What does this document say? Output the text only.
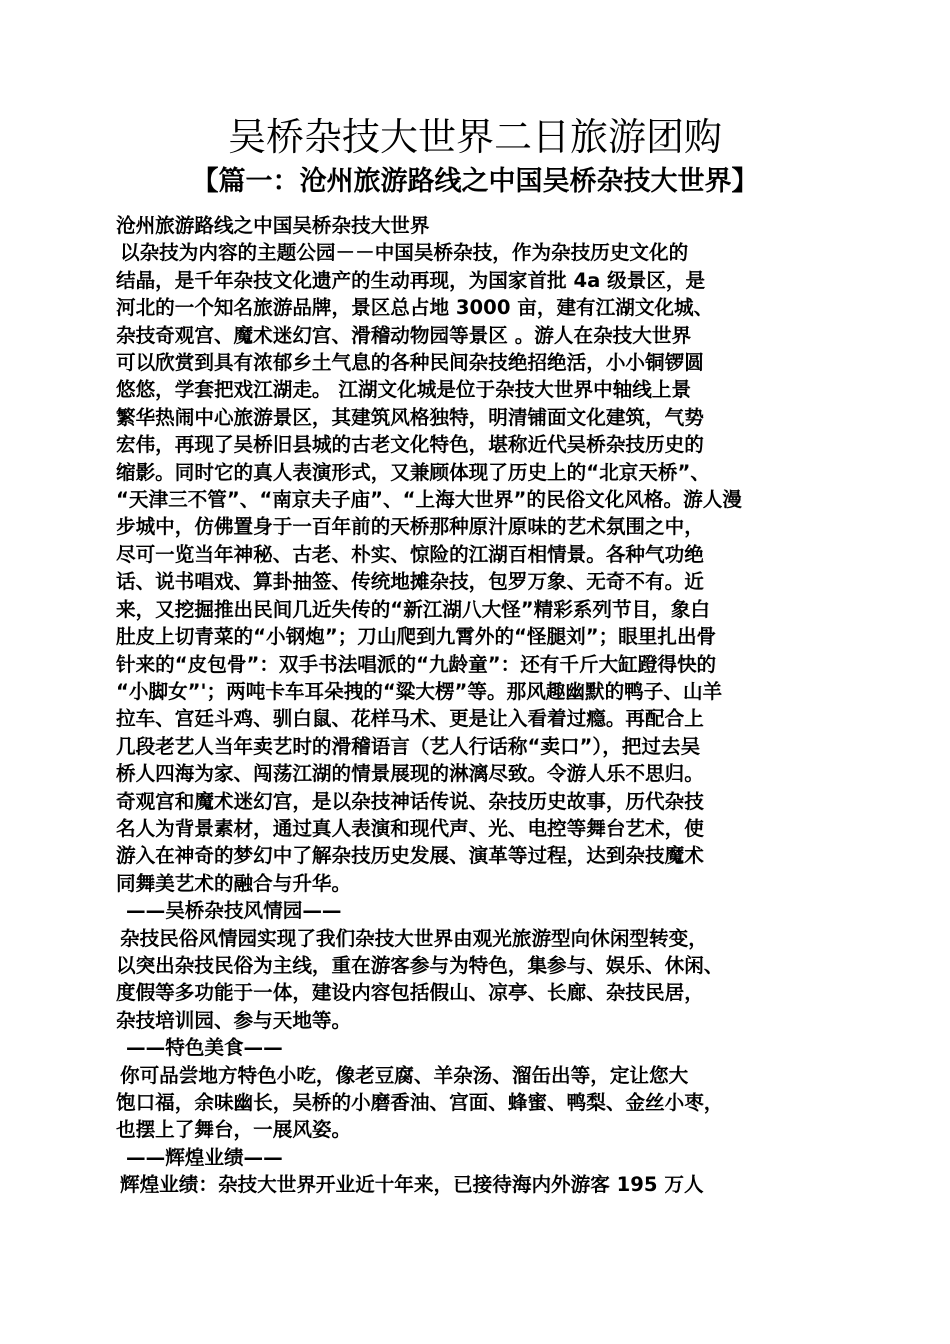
吴桥杂技大世界二日旅游团购
【篇一：沧州旅游路线之中国吴桥杂技大世界】
沧州旅游路线之中国吴桥杂技大世界
以杂技为内容的主题公园－－中国吴桥杂技，作为杂技历史文化的
结晶，是千年杂技文化遗产的生动再现，为国家首批 4a 级景区，是
河北的一个知名旅游品牌，景区总占地 3000 亩，建有江湖文化城、
杂技奇观宫、魔术迷幻宫、滑稽动物园等景区 。游人在杂技大世界
可以欣赏到具有浓郁乡土气息的各种民间杂技绝招绝活，小小铜锣圆
悠悠，学套把戏江湖走。 江湖文化城是位于杂技大世界中轴线上景
繁华热闹中心旅游景区，其建筑风格独特，明清铺面文化建筑，气势
宏伟，再现了吴桥旧县城的古老文化特色，堪称近代吴桥杂技历史的
缩影。同时它的真人表演形式，又兼顾体现了历史上的“北京天桥”、
“天津三不管”、“南京夫子庙”、“上海大世界”的民俗文化风格。游人漫
步城中，仿佛置身于一百年前的天桥那种原汁原味的艺术氛围之中，
尽可一览当年神秘、古老、朴实、惊险的江湖百相情景。各种气功绝
话、说书唱戏、算卦抽签、传统地摊杂技，包罗万象、无奇不有。近
来，又挖掘推出民间几近失传的“新江湖八大怪”精彩系列节目，象白
肚皮上切青菜的“小钢炮”；刀山爬到九霄外的“怪腿刘”；眼里扎出骨
针来的“皮包骨”：双手书法唱派的“九龄童”：还有千斤大缸蹬得快的
“小脚女”'；两吨卡车耳朵拽的“粱大楞”等。那风趣幽默的鸭子、山羊
拉车、宫廷斗鸡、驯白鼠、花样马术、更是让入看着过瘾。再配合上
几段老艺人当年卖艺时的滑稽语言（艺人行话称“卖口”），把过去吴
桥人四海为家、闯荡江湖的情景展现的淋漓尽致。令游人乐不思归。
奇观宫和魔术迷幻宫，是以杂技神话传说、杂技历史故事，历代杂技
名人为背景素材，通过真人表演和现代声、光、电控等舞台艺术，使
游入在神奇的梦幻中了解杂技历史发展、演革等过程，达到杂技魔术
同舞美艺术的融合与升华。
——吴桥杂技风情园——
杂技民俗风情园实现了我们杂技大世界由观光旅游型向休闲型转变，
以突出杂技民俗为主线，重在游客参与为特色，集参与、娱乐、休闲、
度假等多功能于一体，建设内容包括假山、凉亭、长廊、杂技民居，
杂技培训园、参与天地等。
——特色美食——
你可品尝地方特色小吃，像老豆腐、羊杂汤、溜缶出等，定让您大
饱口福，余味幽长，吴桥的小磨香油、宫面、蜂蜜、鸭梨、金丝小枣，
也摆上了舞台，一展风姿。
——辉煌业绩——
辉煌业绩：杂技大世界开业近十年来，已接待海内外游客 195 万人
